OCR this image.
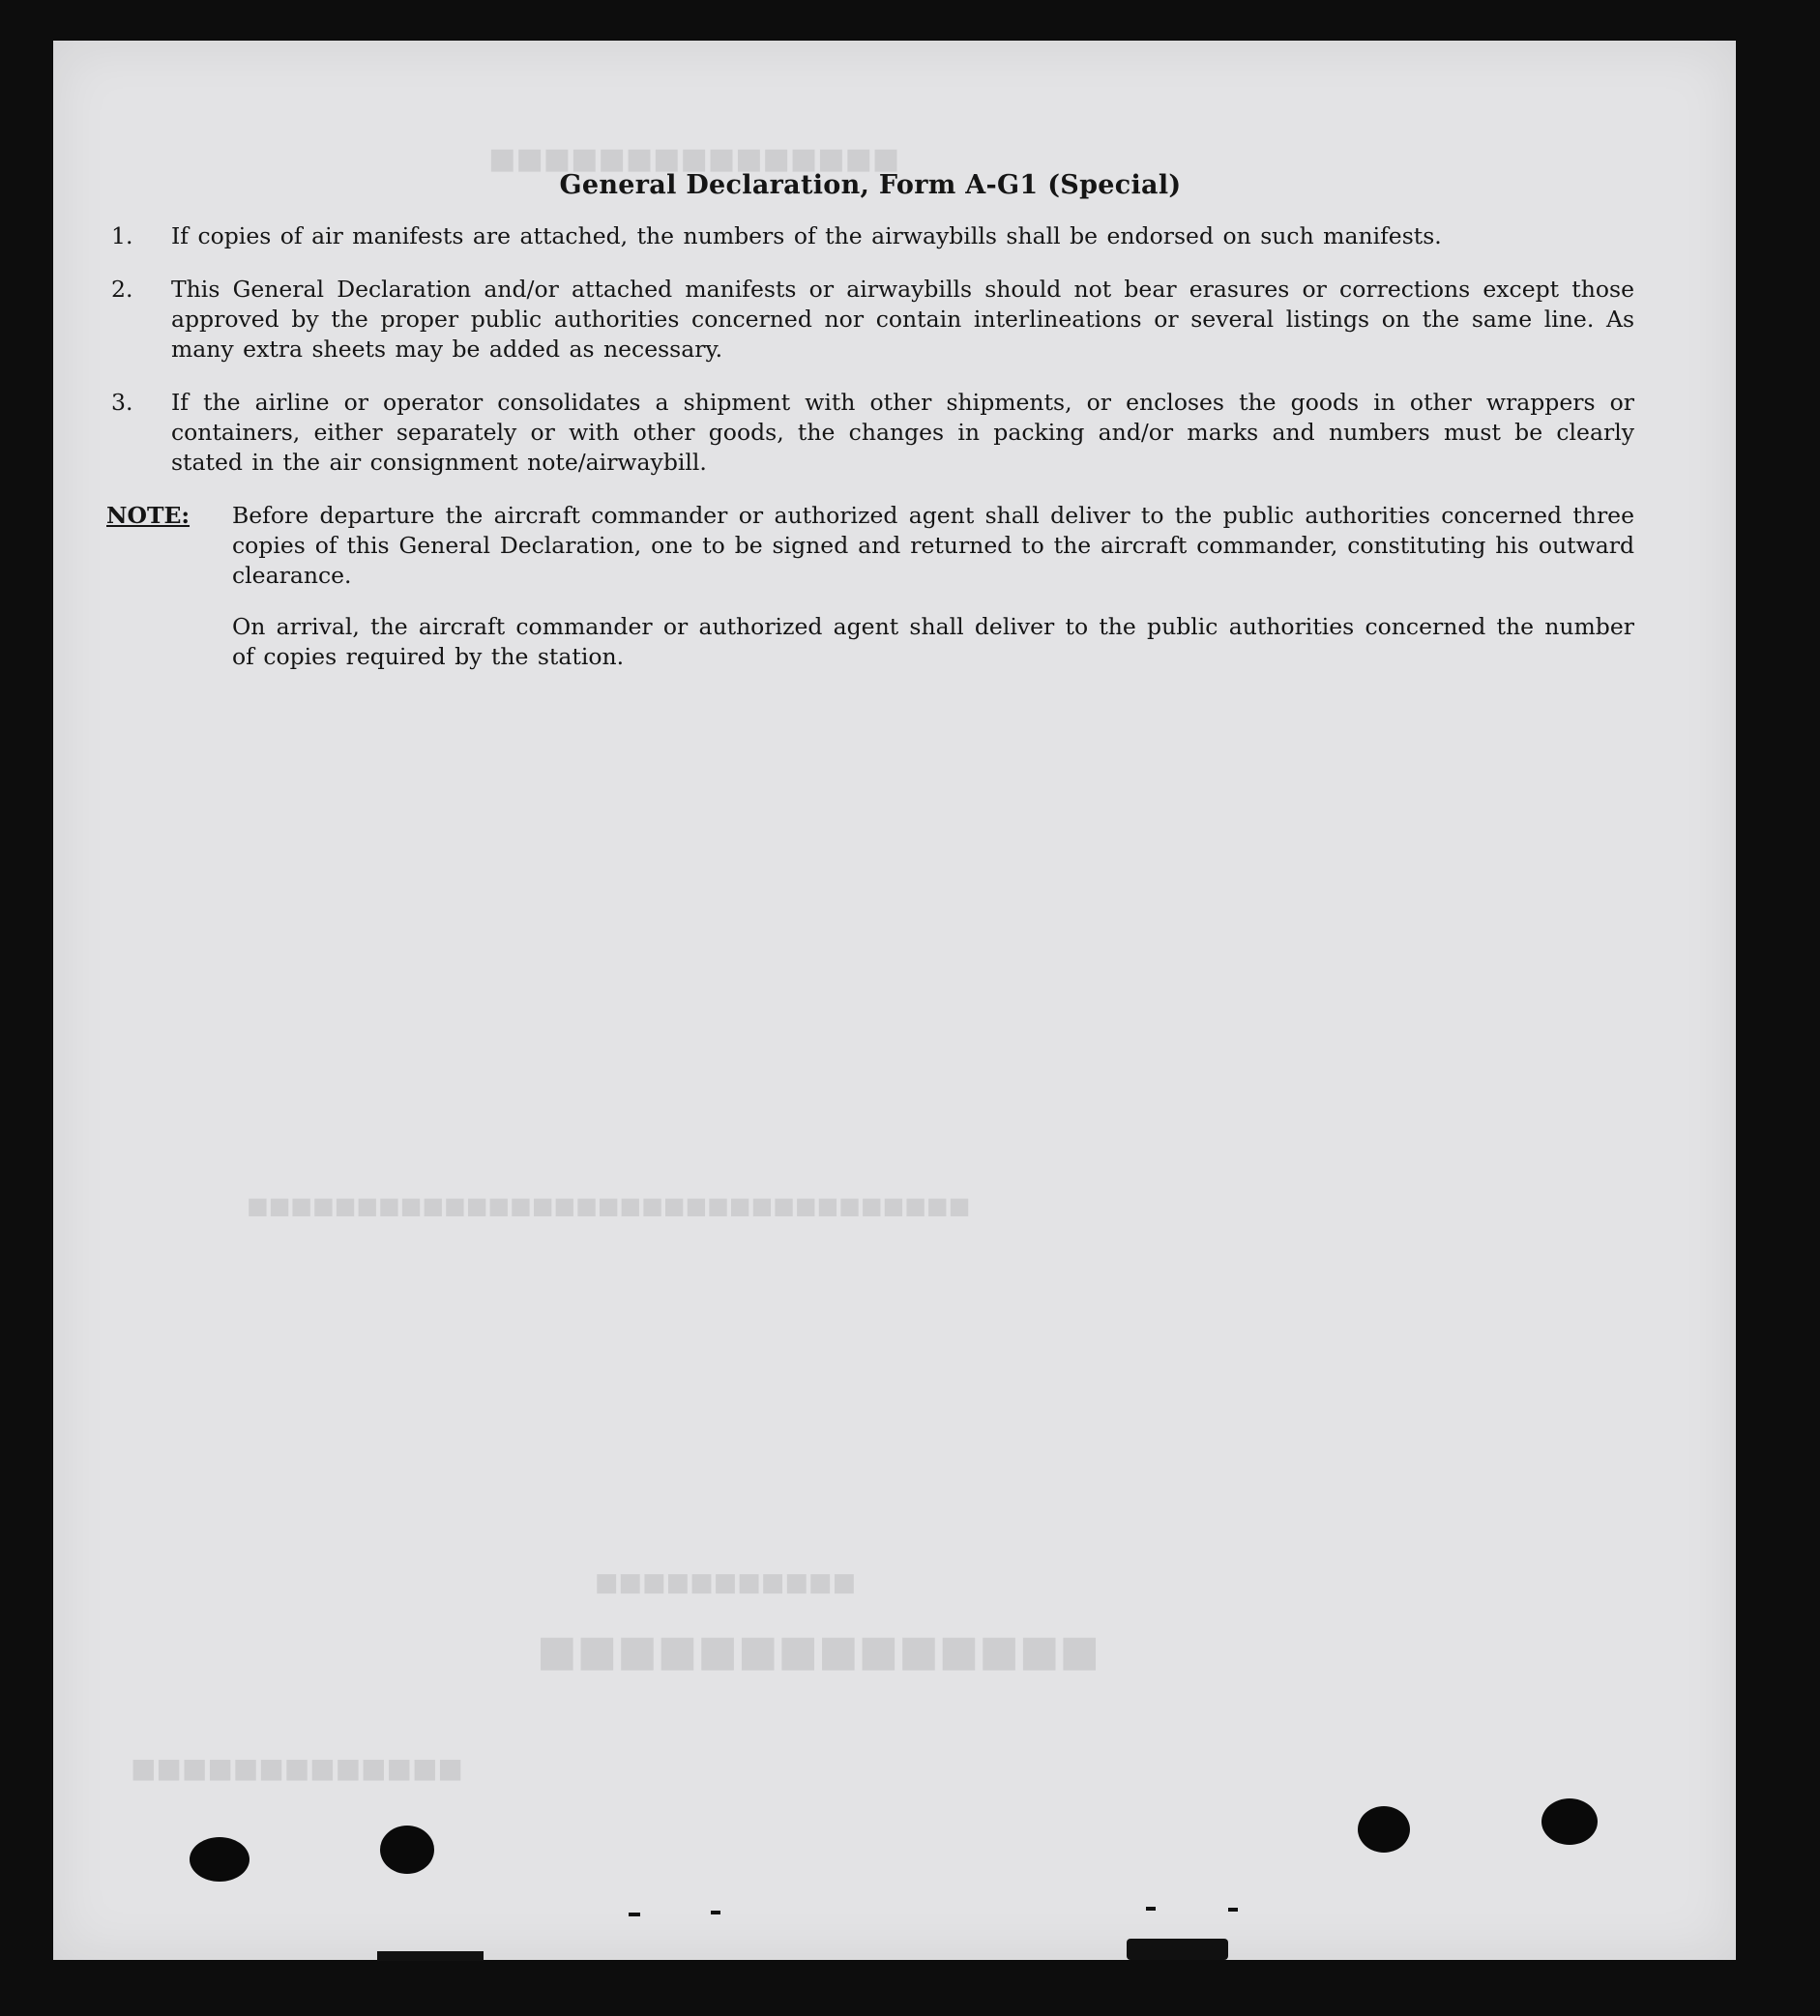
■■■■■■■■■■■■■■■
■■■■■■■■■■■■■■
■■■■■■■■■■■
■■■■■■■■■■■■■■■■■■■■■■■■■■■■■■■■■
■■■■■■■■■■■■■
General Declaration, Form A-G1 (Special)
1.	If copies of air manifests are attached, the numbers of the airwaybills shall be endorsed on such manifests.
2.	This General Declaration and/or attached manifests or airwaybills should not bear erasures or corrections except those approved by the proper public authorities concerned nor contain interlineations or several listings on the same line. As many extra sheets may be added as necessary.
3.	If the airline or operator consolidates a shipment with other shipments, or encloses the goods in other wrappers or containers, either separately or with other goods, the changes in packing and/or marks and numbers must be clearly stated in the air consignment note/airwaybill.
NOTE:	Before departure the aircraft commander or authorized agent shall deliver to the public authorities concerned three copies of this General Declaration, one to be signed and returned to the aircraft commander, constituting his outward clearance.
On arrival, the aircraft commander or authorized agent shall deliver to the public authorities concerned the number of copies required by the station.
